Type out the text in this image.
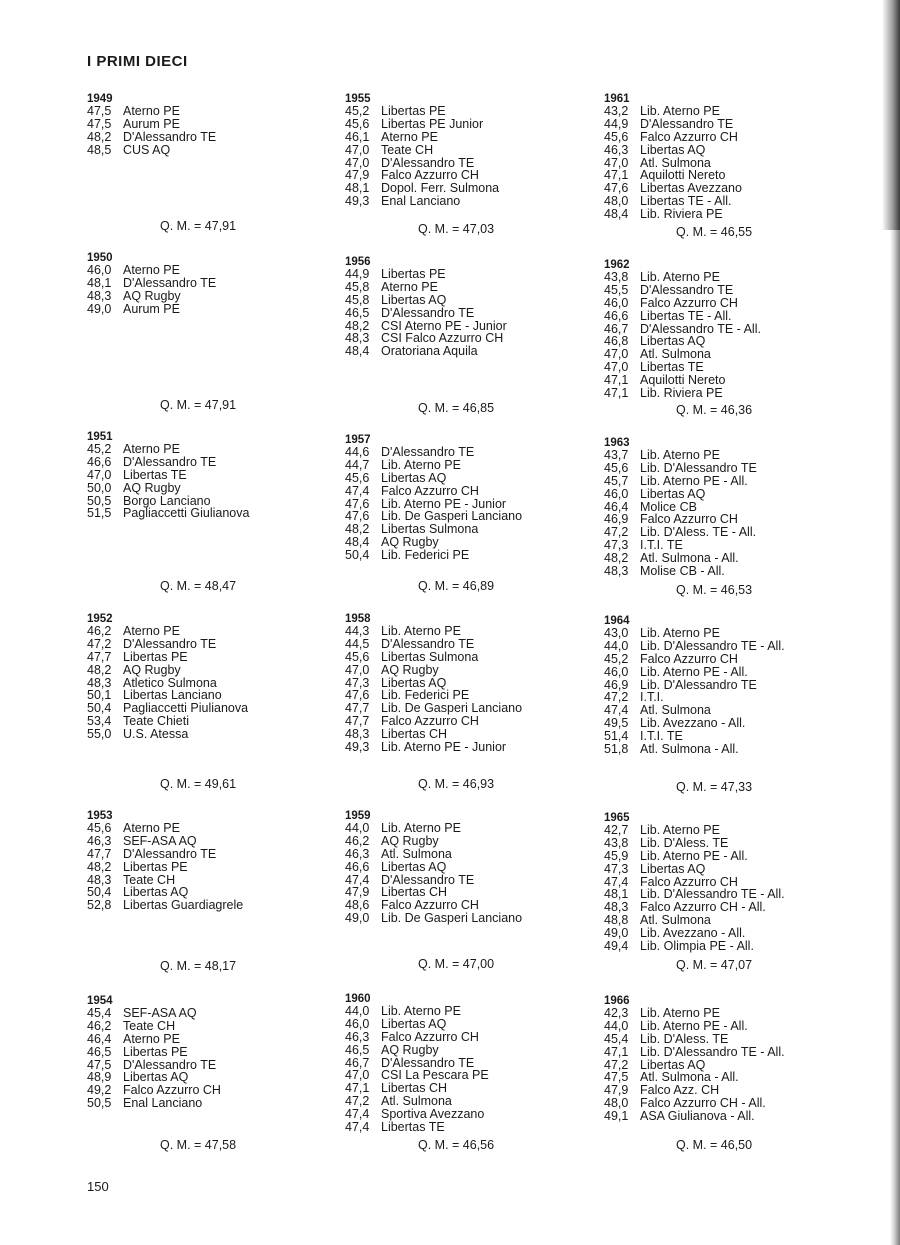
I PRIMI DIECI
1949
47,5 Aterno PE
47,5 Aurum PE
48,2 D'Alessandro TE
48,5 CUS AQ
Q. M. = 47,91
1950
46,0 Aterno PE
48,1 D'Alessandro TE
48,3 AQ Rugby
49,0 Aurum PE
Q. M. = 47,91
1951
45,2 Aterno PE
46,6 D'Alessandro TE
47,0 Libertas TE
50,0 AQ Rugby
50,5 Borgo Lanciano
51,5 Pagliaccetti Giulianova
Q. M. = 48,47
1952
46,2 Aterno PE
47,2 D'Alessandro TE
47,7 Libertas PE
48,2 AQ Rugby
48,3 Atletico Sulmona
50,1 Libertas Lanciano
50,4 Pagliaccetti Piulianova
53,4 Teate Chieti
55,0 U.S. Atessa
Q. M. = 49,61
1953
45,6 Aterno PE
46,3 SEF-ASA AQ
47,7 D'Alessandro TE
48,2 Libertas PE
48,3 Teate CH
50,4 Libertas AQ
52,8 Libertas Guardiagrele
Q. M. = 48,17
1954
45,4 SEF-ASA AQ
46,2 Teate CH
46,4 Aterno PE
46,5 Libertas PE
47,5 D'Alessandro TE
48,9 Libertas AQ
49,2 Falco Azzurro CH
50,5 Enal Lanciano
Q. M. = 47,58
1955
45,2 Libertas PE
45,6 Libertas PE Junior
46,1 Aterno PE
47,0 Teate CH
47,0 D'Alessandro TE
47,9 Falco Azzurro CH
48,1 Dopol. Ferr. Sulmona
49,3 Enal Lanciano
Q. M. = 47,03
1956
44,9 Libertas PE
45,8 Aterno PE
45,8 Libertas AQ
46,5 D'Alessandro TE
48,2 CSI Aterno PE - Junior
48,3 CSI Falco Azzurro CH
48,4 Oratoriana Aquila
Q. M. = 46,85
1957
44,6 D'Alessandro TE
44,7 Lib. Aterno PE
45,6 Libertas AQ
47,4 Falco Azzurro CH
47,6 Lib. Aterno PE - Junior
47,6 Lib. De Gasperi Lanciano
48,2 Libertas Sulmona
48,4 AQ Rugby
50,4 Lib. Federici PE
Q. M. = 46,89
1958
44,3 Lib. Aterno PE
44,5 D'Alessandro TE
45,6 Libertas Sulmona
47,0 AQ Rugby
47,3 Libertas AQ
47,6 Lib. Federici PE
47,7 Lib. De Gasperi Lanciano
47,7 Falco Azzurro CH
48,3 Libertas CH
49,3 Lib. Aterno PE - Junior
Q. M. = 46,93
1959
44,0 Lib. Aterno PE
46,2 AQ Rugby
46,3 Atl. Sulmona
46,6 Libertas AQ
47,4 D'Alessandro TE
47,9 Libertas CH
48,6 Falco Azzurro CH
49,0 Lib. De Gasperi Lanciano
Q. M. = 47,00
1960
44,0 Lib. Aterno PE
46,0 Libertas AQ
46,3 Falco Azzurro CH
46,5 AQ Rugby
46,7 D'Alessandro TE
47,0 CSI La Pescara PE
47,1 Libertas CH
47,2 Atl. Sulmona
47,4 Sportiva Avezzano
47,4 Libertas TE
Q. M. = 46,56
1961
43,2 Lib. Aterno PE
44,9 D'Alessandro TE
45,6 Falco Azzurro CH
46,3 Libertas AQ
47,0 Atl. Sulmona
47,1 Aquilotti Nereto
47,6 Libertas Avezzano
48,0 Libertas TE - All.
48,4 Lib. Riviera PE
Q. M. = 46,55
1962
43,8 Lib. Aterno PE
45,5 D'Alessandro TE
46,0 Falco Azzurro CH
46,6 Libertas TE - All.
46,7 D'Alessandro TE - All.
46,8 Libertas AQ
47,0 Atl. Sulmona
47,0 Libertas TE
47,1 Aquilotti Nereto
47,1 Lib. Riviera PE
Q. M. = 46,36
1963
43,7 Lib. Aterno PE
45,6 Lib. D'Alessandro TE
45,7 Lib. Aterno PE - All.
46,0 Libertas AQ
46,4 Molice CB
46,9 Falco Azzurro CH
47,2 Lib. D'Aless. TE - All.
47,3 I.T.I. TE
48,2 Atl. Sulmona - All.
48,3 Molise CB - All.
Q. M. = 46,53
1964
43,0 Lib. Aterno PE
44,0 Lib. D'Alessandro TE - All.
45,2 Falco Azzurro CH
46,0 Lib. Aterno PE - All.
46,9 Lib. D'Alessandro TE
47,2 I.T.I.
47,4 Atl. Sulmona
49,5 Lib. Avezzano - All.
51,4 I.T.I. TE
51,8 Atl. Sulmona - All.
Q. M. = 47,33
1965
42,7 Lib. Aterno PE
43,8 Lib. D'Aless. TE
45,9 Lib. Aterno PE - All.
47,3 Libertas AQ
47,4 Falco Azzurro CH
48,1 Lib. D'Alessandro TE - All.
48,3 Falco Azzurro CH - All.
48,8 Atl. Sulmona
49,0 Lib. Avezzano - All.
49,4 Lib. Olimpia PE - All.
Q. M. = 47,07
1966
42,3 Lib. Aterno PE
44,0 Lib. Aterno PE - All.
45,4 Lib. D'Aless. TE
47,1 Lib. D'Alessandro TE - All.
47,2 Libertas AQ
47,5 Atl. Sulmona - All.
47,9 Falco Azz. CH
48,0 Falco Azzurro CH - All.
49,1 ASA Giulianova - All.
Q. M. = 46,50
150
